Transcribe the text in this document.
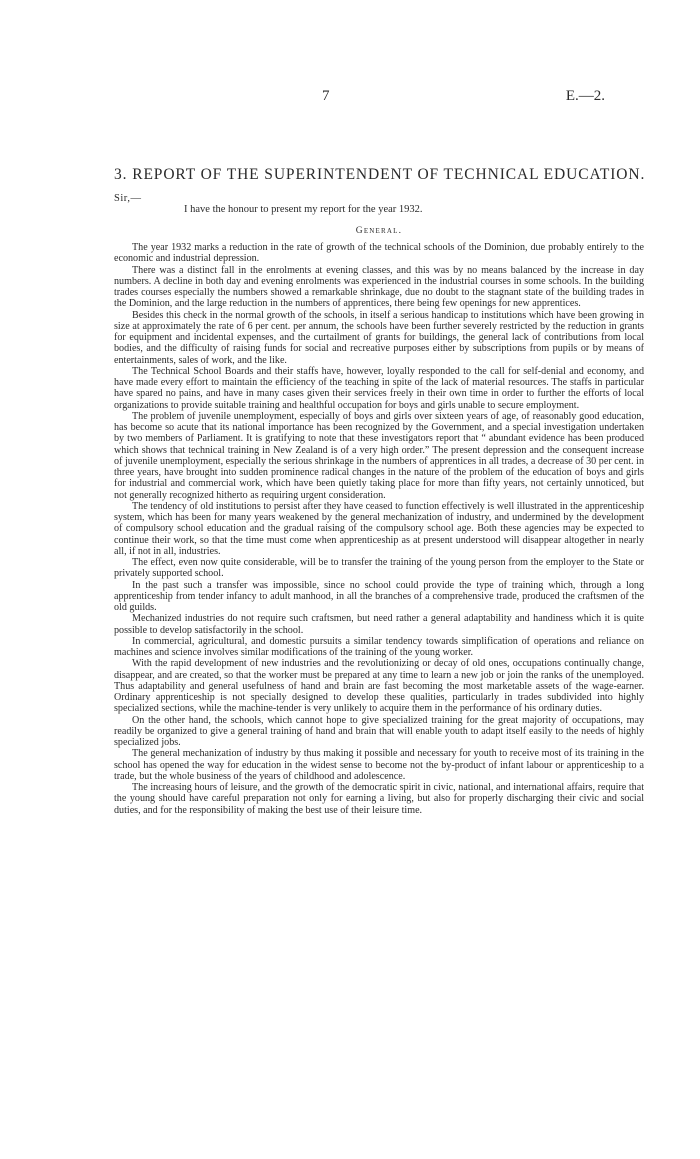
7	E.—2.
3. REPORT OF THE SUPERINTENDENT OF TECHNICAL EDUCATION.
Sir,—
I have the honour to present my report for the year 1932.
General.

The year 1932 marks a reduction in the rate of growth of the technical schools of the Dominion, due probably entirely to the economic and industrial depression.

There was a distinct fall in the enrolments at evening classes, and this was by no means balanced by the increase in day numbers. A decline in both day and evening enrolments was experienced in the industrial courses in some schools. In the building trades courses especially the numbers showed a remarkable shrinkage, due no doubt to the stagnant state of the building trades in the Dominion, and the large reduction in the numbers of apprentices, there being few openings for new apprentices.

Besides this check in the normal growth of the schools, in itself a serious handicap to institutions which have been growing in size at approximately the rate of 6 per cent. per annum, the schools have been further severely restricted by the reduction in grants for equipment and incidental expenses, and the curtailment of grants for buildings, the general lack of contributions from local bodies, and the difficulty of raising funds for social and recreative purposes either by subscriptions from pupils or by means of entertainments, sales of work, and the like.

The Technical School Boards and their staffs have, however, loyally responded to the call for self-denial and economy, and have made every effort to maintain the efficiency of the teaching in spite of the lack of material resources. The staffs in particular have spared no pains, and have in many cases given their services freely in their own time in order to further the efforts of local organizations to provide suitable training and healthful occupation for boys and girls unable to secure employment.

The problem of juvenile unemployment, especially of boys and girls over sixteen years of age, of reasonably good education, has become so acute that its national importance has been recognized by the Government, and a special investigation undertaken by two members of Parliament. It is gratifying to note that these investigators report that “ abundant evidence has been produced which shows that technical training in New Zealand is of a very high order.” The present depression and the consequent increase of juvenile unemployment, especially the serious shrinkage in the numbers of apprentices in all trades, a decrease of 30 per cent. in three years, have brought into sudden prominence radical changes in the nature of the problem of the education of boys and girls for industrial and commercial work, which have been quietly taking place for more than fifty years, not certainly unnoticed, but not generally recognized hitherto as requiring urgent consideration.

The tendency of old institutions to persist after they have ceased to function effectively is well illustrated in the apprenticeship system, which has been for many years weakened by the general mechanization of industry, and undermined by the development of compulsory school education and the gradual raising of the compulsory school age. Both these agencies may be expected to continue their work, so that the time must come when apprenticeship as at present understood will disappear altogether in nearly all, if not in all, industries.

The effect, even now quite considerable, will be to transfer the training of the young person from the employer to the State or privately supported school.

In the past such a transfer was impossible, since no school could provide the type of training which, through a long apprenticeship from tender infancy to adult manhood, in all the branches of a comprehensive trade, produced the craftsmen of the old guilds.

Mechanized industries do not require such craftsmen, but need rather a general adaptability and handiness which it is quite possible to develop satisfactorily in the school.

In commercial, agricultural, and domestic pursuits a similar tendency towards simplification of operations and reliance on machines and science involves similar modifications of the training of the young worker.

With the rapid development of new industries and the revolutionizing or decay of old ones, occupations continually change, disappear, and are created, so that the worker must be prepared at any time to learn a new job or join the ranks of the unemployed. Thus adaptability and general usefulness of hand and brain are fast becoming the most marketable assets of the wage-earner. Ordinary apprenticeship is not specially designed to develop these qualities, particularly in trades subdivided into highly specialized sections, while the machine-tender is very unlikely to acquire them in the performance of his ordinary duties.

On the other hand, the schools, which cannot hope to give specialized training for the great majority of occupations, may readily be organized to give a general training of hand and brain that will enable youth to adapt itself easily to the needs of highly specialized jobs.

The general mechanization of industry by thus making it possible and necessary for youth to receive most of its training in the school has opened the way for education in the widest sense to become not the by-product of infant labour or apprenticeship to a trade, but the whole business of the years of childhood and adolescence.

The increasing hours of leisure, and the growth of the democratic spirit in civic, national, and international affairs, require that the young should have careful preparation not only for earning a living, but also for properly discharging their civic and social duties, and for the responsibility of making the best use of their leisure time.
